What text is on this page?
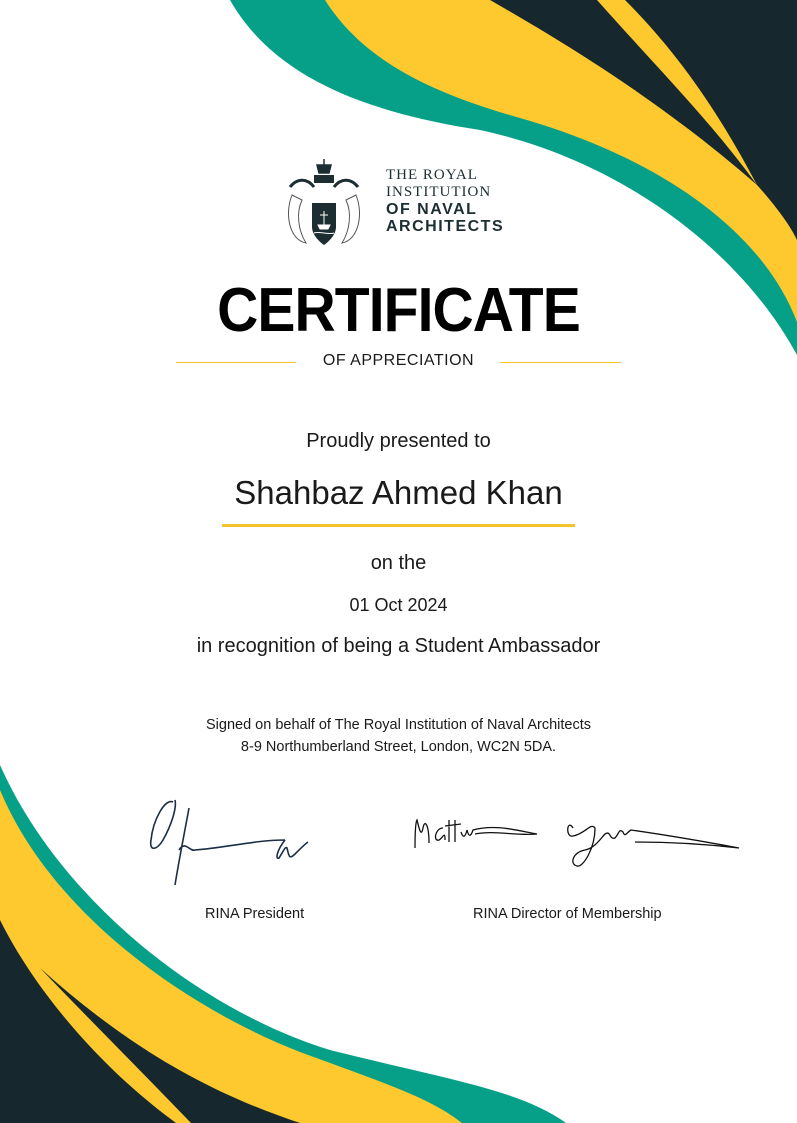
THE ROYAL
INSTITUTION
OF NAVAL
ARCHITECTS
CERTIFICATE
OF APPRECIATION
Proudly presented to
Shahbaz Ahmed Khan
on the
01 Oct 2024
in recognition of being a Student Ambassador
Signed on behalf of The Royal Institution of Naval Architects
8-9 Northumberland Street, London, WC2N 5DA.
RINA President	RINA Director of Membership
